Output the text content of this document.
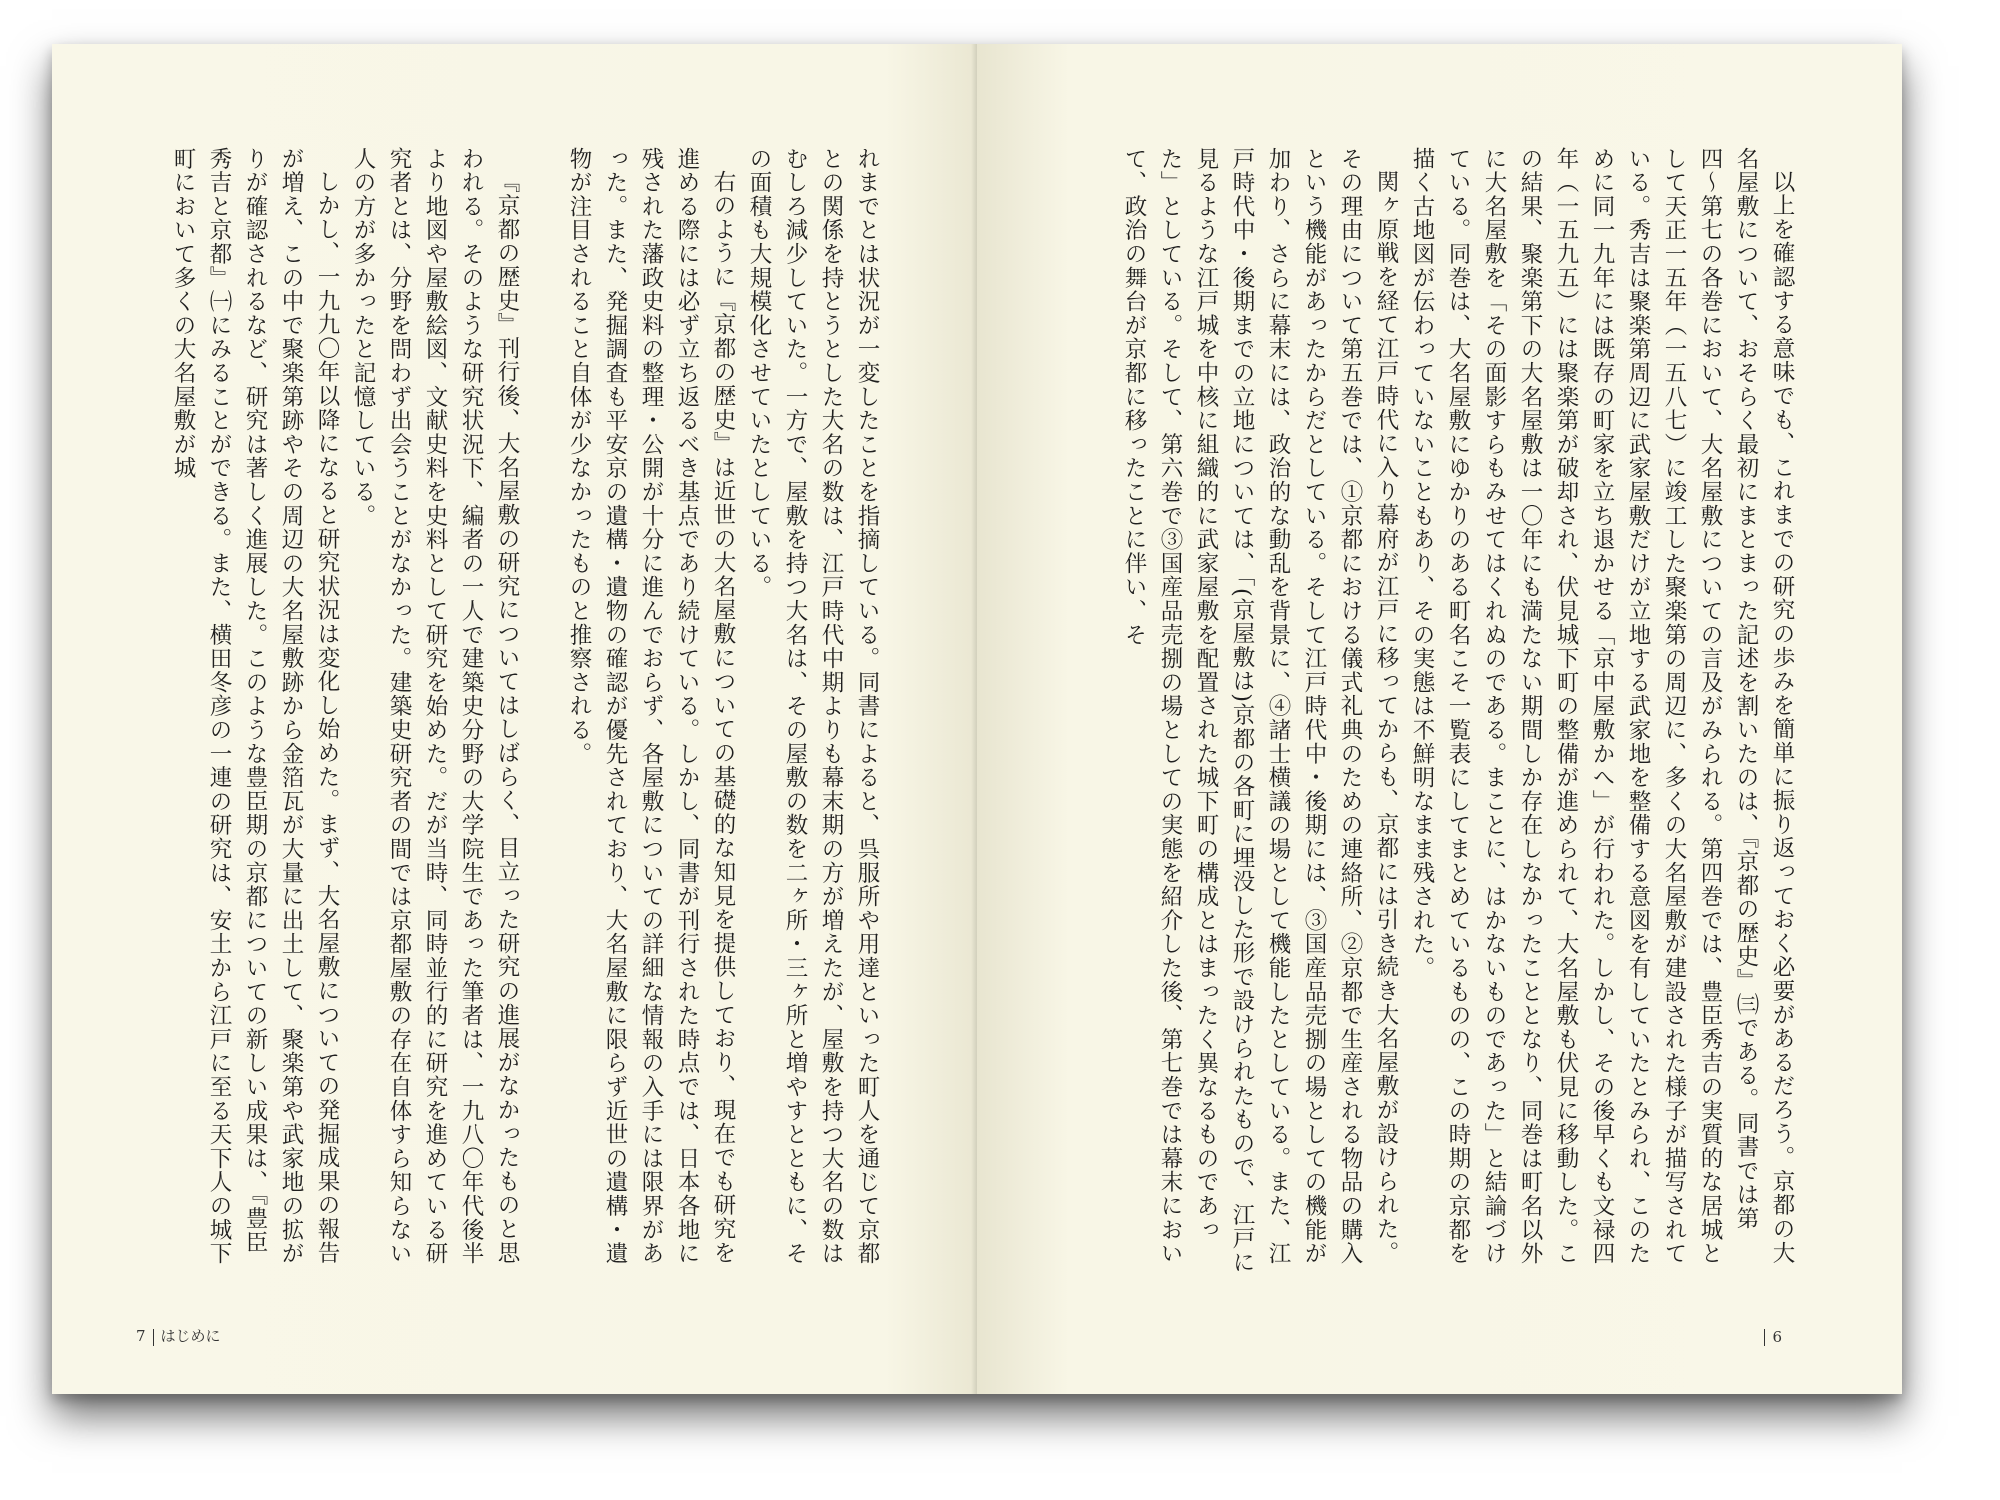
れまでとは状況が一変したことを指摘している。同書によると、呉服所や用達といった町人を通じて京都との関係を持とうとした大名の数は、江戸時代中期よりも幕末期の方が増えたが、屋敷を持つ大名の数はむしろ減少していた。一方で、屋敷を持つ大名は、その屋敷の数を二ヶ所・三ヶ所と増やすとともに、その面積も大規模化させていたとしている。

右のように『京都の歴史』は近世の大名屋敷についての基礎的な知見を提供しており、現在でも研究を進める際には必ず立ち返るべき基点であり続けている。しかし、同書が刊行された時点では、日本各地に残された藩政史料の整理・公開が十分に進んでおらず、各屋敷についての詳細な情報の入手には限界があった。また、発掘調査も平安京の遺構・遺物の確認が優先されており、大名屋敷に限らず近世の遺構・遺物が注目されること自体が少なかったものと推察される。

『京都の歴史』刊行後、大名屋敷の研究についてはしばらく、目立った研究の進展がなかったものと思われる。そのような研究状況下、編者の一人で建築史分野の大学院生であった筆者は、一九八〇年代後半より地図や屋敷絵図、文献史料を史料として研究を始めた。だが当時、同時並行的に研究を進めている研究者とは、分野を問わず出会うことがなかった。建築史研究者の間では京都屋敷の存在自体すら知らない人の方が多かったと記憶している。

しかし、一九九〇年以降になると研究状況は変化し始めた。まず、大名屋敷についての発掘成果の報告が増え、この中で聚楽第跡やその周辺の大名屋敷跡から金箔瓦が大量に出土して、聚楽第や武家地の拡がりが確認されるなど、研究は著しく進展した。このような豊臣期の京都についての新しい成果は、『豊臣秀吉と京都』㈠にみることができる。また、横田冬彦の一連の研究は、安土から江戸に至る天下人の城下町において多くの大名屋敷が城

7 はじめに

以上を確認する意味でも、これまでの研究の歩みを簡単に振り返っておく必要があるだろう。京都の大名屋敷について、おそらく最初にまとまった記述を割いたのは、『京都の歴史』㈢である。同書では第四〜第七の各巻において、大名屋敷についての言及がみられる。第四巻では、豊臣秀吉の実質的な居城として天正一五年（一五八七）に竣工した聚楽第の周辺に、多くの大名屋敷が建設された様子が描写されている。秀吉は聚楽第周辺に武家屋敷だけが立地する武家地を整備する意図を有していたとみられ、このために同一九年には既存の町家を立ち退かせる「京中屋敷かへ」が行われた。しかし、その後早くも文禄四年（一五九五）には聚楽第が破却され、伏見城下町の整備が進められて、大名屋敷も伏見に移動した。この結果、聚楽第下の大名屋敷は一〇年にも満たない期間しか存在しなかったこととなり、同巻は町名以外に大名屋敷を「その面影すらもみせてはくれぬのである。まことに、はかないものであった」と結論づけている。同巻は、大名屋敷にゆかりのある町名こそ一覧表にしてまとめているものの、この時期の京都を描く古地図が伝わっていないこともあり、その実態は不鮮明なまま残された。

関ヶ原戦を経て江戸時代に入り幕府が江戸に移ってからも、京都には引き続き大名屋敷が設けられた。その理由について第五巻では、①京都における儀式礼典のための連絡所、②京都で生産される物品の購入という機能があったからだとしている。そして江戸時代中・後期には、③国産品売捌の場としての機能が加わり、さらに幕末には、政治的な動乱を背景に、④諸士横議の場として機能したとしている。また、江戸時代中・後期までの立地については、「(京屋敷は)京都の各町に埋没した形で設けられたもので、江戸に見るような江戸城を中核に組織的に武家屋敷を配置された城下町の構成とはまったく異なるものであった」としている。そして、第六巻で③国産品売捌の場としての実態を紹介した後、第七巻では幕末において、政治の舞台が京都に移ったことに伴い、そ

6
